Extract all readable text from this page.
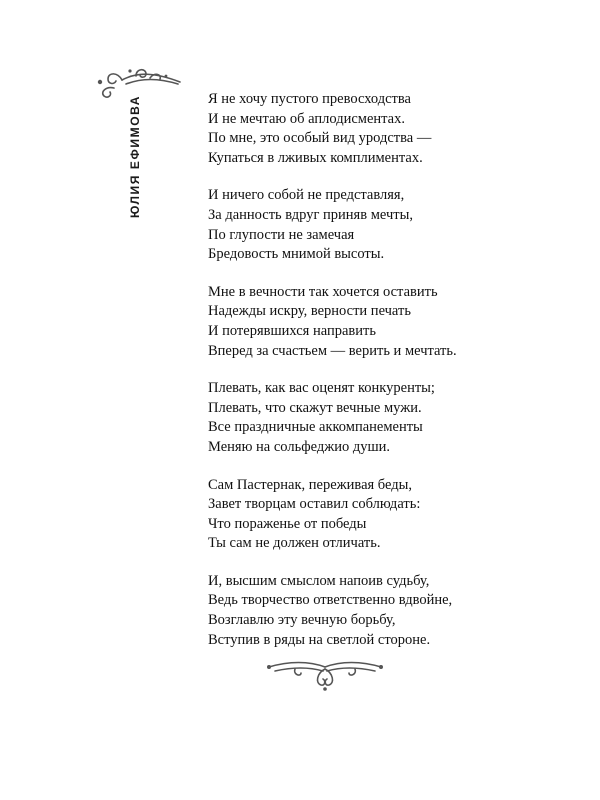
ЮЛИЯ ЕФИМОВА	Я не хочу пустого превосходства
И не мечтаю об аплодисментах.
По мне, это особый вид уродства —
Купаться в лживых комплиментах.
И ничего собой не представляя,
За данность вдруг приняв мечты,
По глупости не замечая
Бредовость мнимой высоты.
Мне в вечности так хочется оставить
Надежды искру, верности печать
И потерявшихся направить
Вперед за счастьем — верить и мечтать.
Плевать, как вас оценят конкуренты;
Плевать, что скажут вечные мужи.
Все праздничные аккомпанементы
Меняю на сольфеджио души.
Сам Пастернак, переживая беды,
Завет творцам оставил соблюдать:
Что пораженье от победы
Ты сам не должен отличать.
И, высшим смыслом напоив судьбу,
Ведь творчество ответственно вдвойне,
Возглавлю эту вечную борьбу,
Вступив в ряды на светлой стороне.
